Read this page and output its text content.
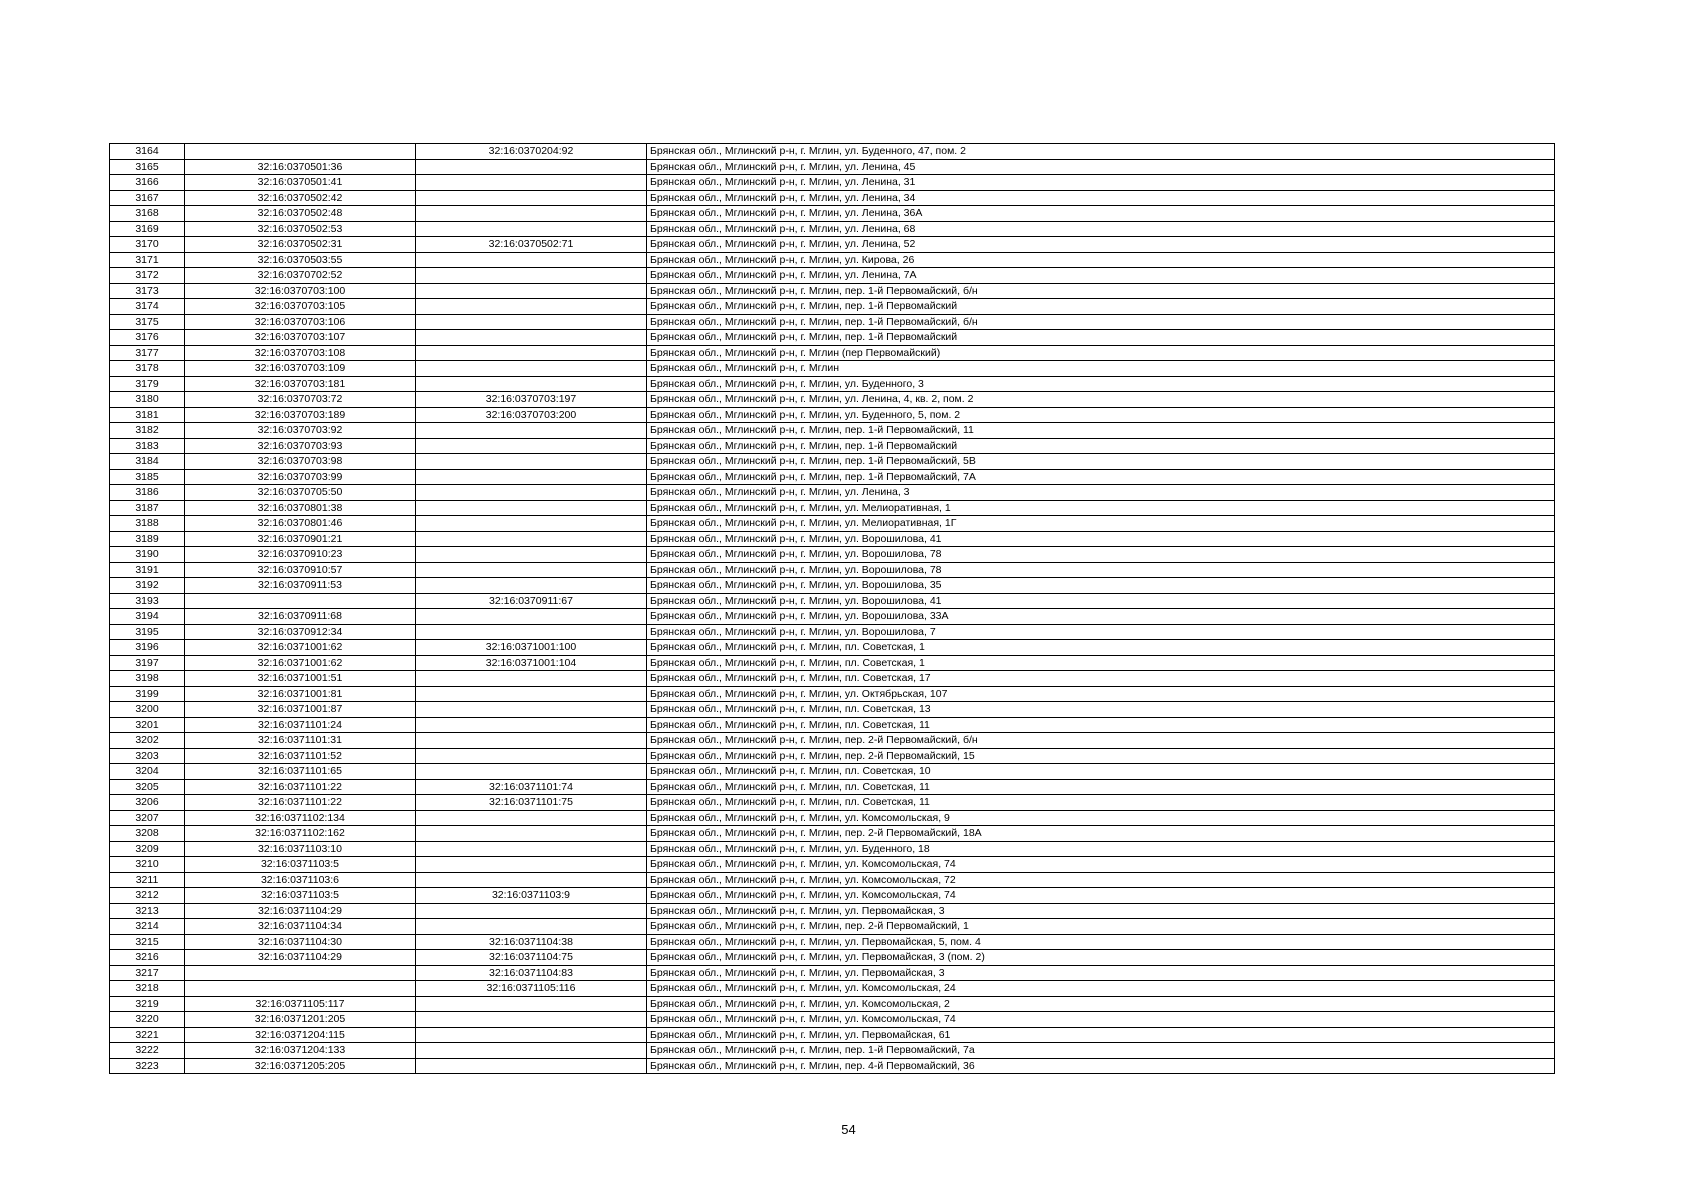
3164		32:16:0370204:92	Брянская обл., Мглинский р-н, г. Мглин, ул. Буденного, 47, пом. 2
3165	32:16:0370501:36		Брянская обл., Мглинский р-н, г. Мглин, ул. Ленина, 45
3166	32:16:0370501:41		Брянская обл., Мглинский р-н, г. Мглин, ул. Ленина, 31
3167	32:16:0370502:42		Брянская обл., Мглинский р-н, г. Мглин, ул. Ленина, 34
3168	32:16:0370502:48		Брянская обл., Мглинский р-н, г. Мглин, ул. Ленина, 36А
3169	32:16:0370502:53		Брянская обл., Мглинский р-н, г. Мглин, ул. Ленина, 68
3170	32:16:0370502:31	32:16:0370502:71	Брянская обл., Мглинский р-н, г. Мглин, ул. Ленина, 52
3171	32:16:0370503:55		Брянская обл., Мглинский р-н, г. Мглин, ул. Кирова, 26
3172	32:16:0370702:52		Брянская обл., Мглинский р-н, г. Мглин, ул. Ленина, 7А
3173	32:16:0370703:100		Брянская обл., Мглинский р-н, г. Мглин, пер. 1-й Первомайский, б/н
3174	32:16:0370703:105		Брянская обл., Мглинский р-н, г. Мглин, пер. 1-й Первомайский
3175	32:16:0370703:106		Брянская обл., Мглинский р-н, г. Мглин, пер. 1-й Первомайский, б/н
3176	32:16:0370703:107		Брянская обл., Мглинский р-н, г. Мглин, пер. 1-й Первомайский
3177	32:16:0370703:108		Брянская обл., Мглинский р-н, г. Мглин (пер Первомайский)
3178	32:16:0370703:109		Брянская обл., Мглинский р-н, г. Мглин
3179	32:16:0370703:181		Брянская обл., Мглинский р-н, г. Мглин, ул. Буденного, 3
3180	32:16:0370703:72	32:16:0370703:197	Брянская обл., Мглинский р-н, г. Мглин, ул. Ленина, 4, кв. 2, пом. 2
3181	32:16:0370703:189	32:16:0370703:200	Брянская обл., Мглинский р-н, г. Мглин, ул. Буденного, 5, пом. 2
3182	32:16:0370703:92		Брянская обл., Мглинский р-н, г. Мглин, пер. 1-й Первомайский, 11
3183	32:16:0370703:93		Брянская обл., Мглинский р-н, г. Мглин, пер. 1-й Первомайский
3184	32:16:0370703:98		Брянская обл., Мглинский р-н, г. Мглин, пер. 1-й Первомайский, 5В
3185	32:16:0370703:99		Брянская обл., Мглинский р-н, г. Мглин, пер. 1-й Первомайский, 7А
3186	32:16:0370705:50		Брянская обл., Мглинский р-н, г. Мглин, ул. Ленина, 3
3187	32:16:0370801:38		Брянская обл., Мглинский р-н, г. Мглин, ул. Мелиоративная, 1
3188	32:16:0370801:46		Брянская обл., Мглинский р-н, г. Мглин, ул. Мелиоративная, 1Г
3189	32:16:0370901:21		Брянская обл., Мглинский р-н, г. Мглин, ул. Ворошилова, 41
3190	32:16:0370910:23		Брянская обл., Мглинский р-н, г. Мглин, ул. Ворошилова, 78
3191	32:16:0370910:57		Брянская обл., Мглинский р-н, г. Мглин, ул. Ворошилова, 78
3192	32:16:0370911:53		Брянская обл., Мглинский р-н, г. Мглин, ул. Ворошилова, 35
3193		32:16:0370911:67	Брянская обл., Мглинский р-н, г. Мглин, ул. Ворошилова, 41
3194	32:16:0370911:68		Брянская обл., Мглинский р-н, г. Мглин, ул. Ворошилова, 33А
3195	32:16:0370912:34		Брянская обл., Мглинский р-н, г. Мглин, ул. Ворошилова, 7
3196	32:16:0371001:62	32:16:0371001:100	Брянская обл., Мглинский р-н, г. Мглин, пл. Советская, 1
3197	32:16:0371001:62	32:16:0371001:104	Брянская обл., Мглинский р-н, г. Мглин, пл. Советская, 1
3198	32:16:0371001:51		Брянская обл., Мглинский р-н, г. Мглин, пл. Советская, 17
3199	32:16:0371001:81		Брянская обл., Мглинский р-н, г. Мглин, ул. Октябрьская, 107
3200	32:16:0371001:87		Брянская обл., Мглинский р-н, г. Мглин, пл. Советская, 13
3201	32:16:0371101:24		Брянская обл., Мглинский р-н, г. Мглин, пл. Советская, 11
3202	32:16:0371101:31		Брянская обл., Мглинский р-н, г. Мглин, пер. 2-й Первомайский, б/н
3203	32:16:0371101:52		Брянская обл., Мглинский р-н, г. Мглин, пер. 2-й Первомайский, 15
3204	32:16:0371101:65		Брянская обл., Мглинский р-н, г. Мглин, пл. Советская, 10
3205	32:16:0371101:22	32:16:0371101:74	Брянская обл., Мглинский р-н, г. Мглин, пл. Советская, 11
3206	32:16:0371101:22	32:16:0371101:75	Брянская обл., Мглинский р-н, г. Мглин, пл. Советская, 11
3207	32:16:0371102:134		Брянская обл., Мглинский р-н, г. Мглин, ул. Комсомольская, 9
3208	32:16:0371102:162		Брянская обл., Мглинский р-н, г. Мглин, пер. 2-й Первомайский, 18А
3209	32:16:0371103:10		Брянская обл., Мглинский р-н, г. Мглин, ул. Буденного, 18
3210	32:16:0371103:5		Брянская обл., Мглинский р-н, г. Мглин, ул. Комсомольская, 74
3211	32:16:0371103:6		Брянская обл., Мглинский р-н, г. Мглин, ул. Комсомольская, 72
3212	32:16:0371103:5	32:16:0371103:9	Брянская обл., Мглинский р-н, г. Мглин, ул. Комсомольская, 74
3213	32:16:0371104:29		Брянская обл., Мглинский р-н, г. Мглин, ул. Первомайская, 3
3214	32:16:0371104:34		Брянская обл., Мглинский р-н, г. Мглин, пер. 2-й Первомайский, 1
3215	32:16:0371104:30	32:16:0371104:38	Брянская обл., Мглинский р-н, г. Мглин, ул. Первомайская, 5, пом. 4
3216	32:16:0371104:29	32:16:0371104:75	Брянская обл., Мглинский р-н, г. Мглин, ул. Первомайская, 3 (пом. 2)
3217		32:16:0371104:83	Брянская обл., Мглинский р-н, г. Мглин, ул. Первомайская, 3
3218		32:16:0371105:116	Брянская обл., Мглинский р-н, г. Мглин, ул. Комсомольская, 24
3219	32:16:0371105:117		Брянская обл., Мглинский р-н, г. Мглин, ул. Комсомольская, 2
3220	32:16:0371201:205		Брянская обл., Мглинский р-н, г. Мглин, ул. Комсомольская, 74
3221	32:16:0371204:115		Брянская обл., Мглинский р-н, г. Мглин, ул. Первомайская, 61
3222	32:16:0371204:133		Брянская обл., Мглинский р-н, г. Мглин, пер. 1-й Первомайский, 7а
3223	32:16:0371205:205		Брянская обл., Мглинский р-н, г. Мглин, пер. 4-й Первомайский, 36
54
